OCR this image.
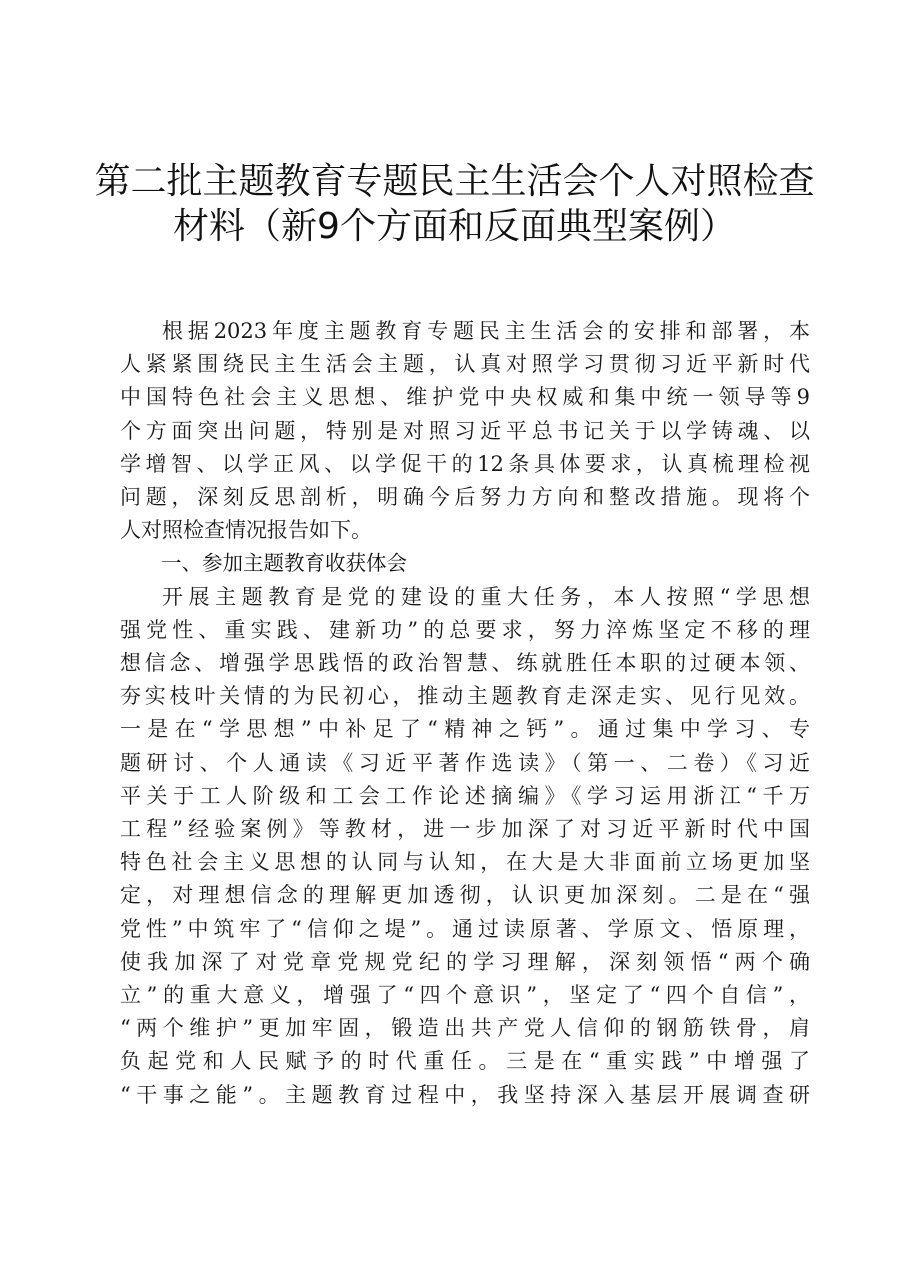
第二批主题教育专题民主生活会个人对照检查
材料（新9个方面和反面典型案例）
根据2023年度主题教育专题民主生活会的安排和部署，本
人紧紧围绕民主生活会主题，认真对照学习贯彻习近平新时代
中国特色社会主义思想、维护党中央权威和集中统一领导等9
个方面突出问题，特别是对照习近平总书记关于以学铸魂、以
学增智、以学正风、以学促干的12条具体要求，认真梳理检视
问题，深刻反思剖析，明确今后努力方向和整改措施。现将个
人对照检查情况报告如下。
一、参加主题教育收获体会
开展主题教育是党的建设的重大任务，本人按照“学思想
强党性、重实践、建新功”的总要求，努力淬炼坚定不移的理
想信念、增强学思践悟的政治智慧、练就胜任本职的过硬本领、
夯实枝叶关情的为民初心，推动主题教育走深走实、见行见效。
一是在“学思想”中补足了“精神之钙”。通过集中学习、专
题研讨、个人通读《习近平著作选读》（第一、二卷）《习近
平关于工人阶级和工会工作论述摘编》《学习运用浙江“千万
工程”经验案例》等教材，进一步加深了对习近平新时代中国
特色社会主义思想的认同与认知，在大是大非面前立场更加坚
定，对理想信念的理解更加透彻，认识更加深刻。二是在“强
党性”中筑牢了“信仰之堤”。通过读原著、学原文、悟原理，
使我加深了对党章党规党纪的学习理解，深刻领悟“两个确
立”的重大意义，增强了“四个意识”，坚定了“四个自信”，
“两个维护”更加牢固，锻造出共产党人信仰的钢筋铁骨，肩
负起党和人民赋予的时代重任。三是在“重实践”中增强了
“干事之能”。主题教育过程中，我坚持深入基层开展调查研
